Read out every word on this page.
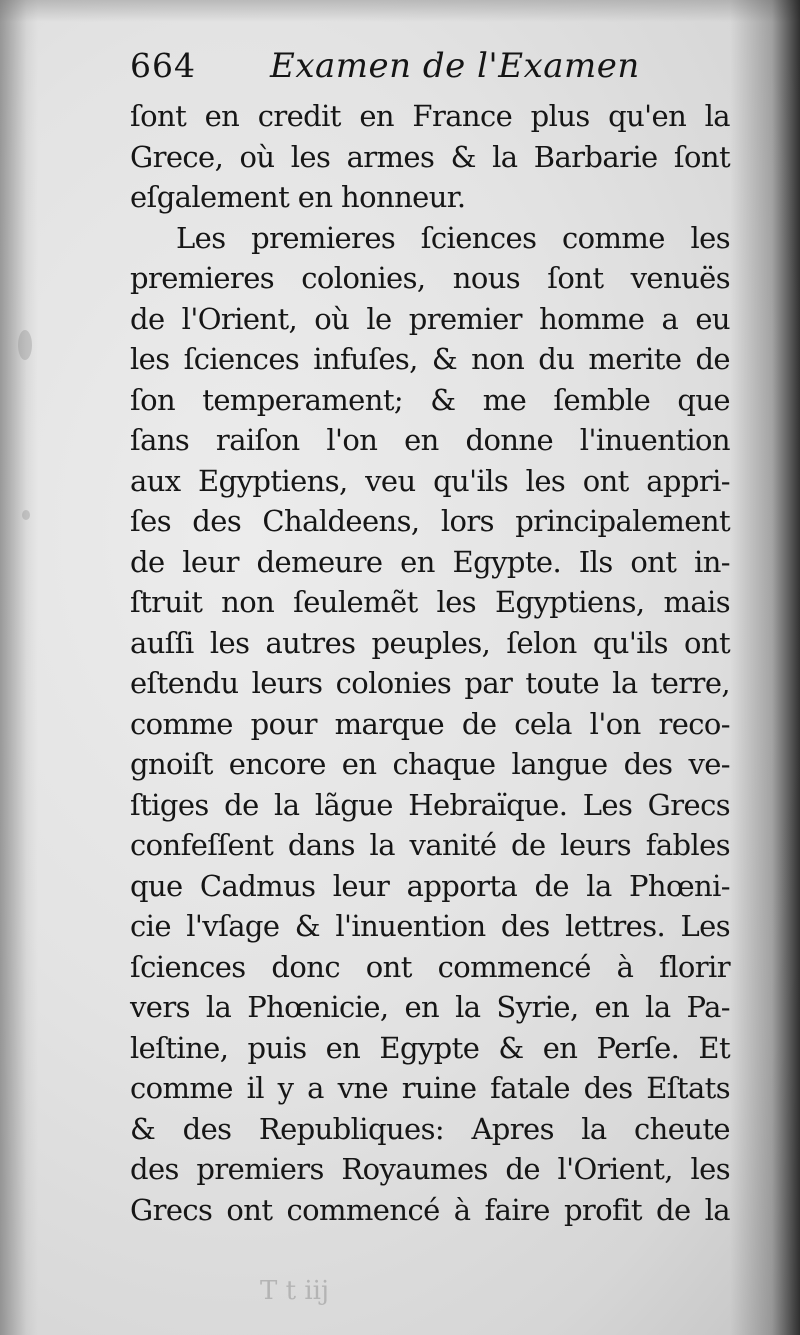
664 Examen de l'Examen
ſont en credit en France plus qu'en la
Grece, où les armes & la Barbarie ſont
eſgalement en honneur.
Les premieres ſciences comme les
premieres colonies, nous ſont venuës
de l'Orient, où le premier homme a eu
les ſciences infuſes, & non du merite de
ſon temperament; & me ſemble que
ſans raiſon l'on en donne l'inuention
aux Egyptiens, veu qu'ils les ont appri-
ſes des Chaldeens, lors principalement
de leur demeure en Egypte. Ils ont in-
ſtruit non ſeulemẽt les Egyptiens, mais
auſſi les autres peuples, ſelon qu'ils ont
eſtendu leurs colonies par toute la terre,
comme pour marque de cela l'on reco-
gnoiſt encore en chaque langue des ve-
ſtiges de la lãgue Hebraïque. Les Grecs
confeſſent dans la vanité de leurs fables
que Cadmus leur apporta de la Phœni-
cie l'vſage & l'inuention des lettres. Les
ſciences donc ont commencé à florir
vers la Phœnicie, en la Syrie, en la Pa-
leſtine, puis en Egypte & en Perſe. Et
comme il y a vne ruine fatale des Eſtats
& des Republiques: Apres la cheute
des premiers Royaumes de l'Orient, les
Grecs ont commencé à faire profit de la
T t iij
